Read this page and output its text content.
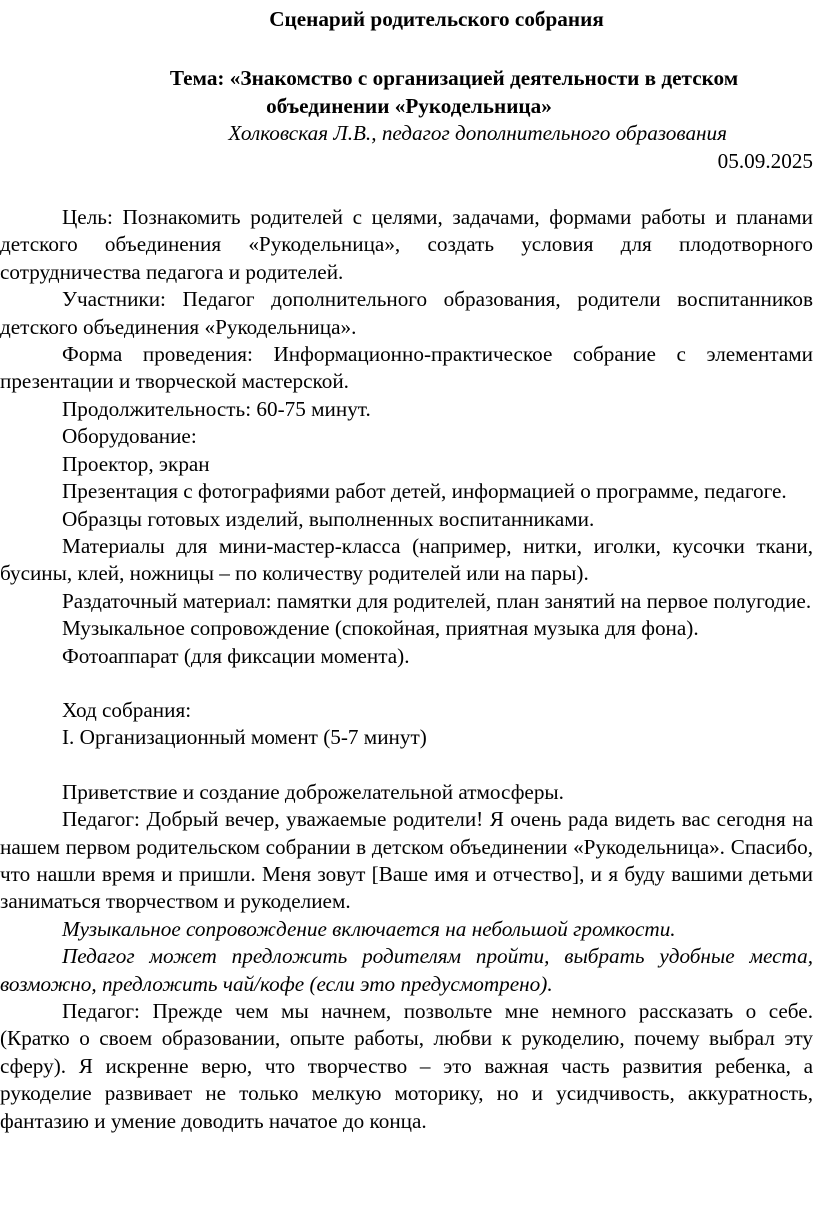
Сценарий родительского собрания
Тема: «Знакомство с организацией деятельности в детском
объединении «Рукодельница»
Холковская Л.В., педагог дополнительного образования
05.09.2025

Цель: Познакомить родителей с целями, задачами, формами работы и планами детского объединения «Рукодельница», создать условия для плодотворного сотрудничества педагога и родителей.

Участники: Педагог дополнительного образования, родители воспитанников детского объединения «Рукодельница».

Форма проведения: Информационно-практическое собрание с элементами презентации и творческой мастерской.

Продолжительность: 60-75 минут.

Оборудование:

Проектор, экран

Презентация с фотографиями работ детей, информацией о программе, педагоге.

Образцы готовых изделий, выполненных воспитанниками.

Материалы для мини-мастер-класса (например, нитки, иголки, кусочки ткани, бусины, клей, ножницы – по количеству родителей или на пары).

Раздаточный материал: памятки для родителей, план занятий на первое полугодие.

Музыкальное сопровождение (спокойная, приятная музыка для фона).

Фотоаппарат (для фиксации момента).

Ход собрания:

I. Организационный момент (5-7 минут)

Приветствие и создание доброжелательной атмосферы.

Педагог: Добрый вечер, уважаемые родители! Я очень рада видеть вас сегодня на нашем первом родительском собрании в детском объединении «Рукодельница». Спасибо, что нашли время и пришли. Меня зовут [Ваше имя и отчество], и я буду вашими детьми заниматься творчеством и рукоделием.

Музыкальное сопровождение включается на небольшой громкости.

Педагог может предложить родителям пройти, выбрать удобные места, возможно, предложить чай/кофе (если это предусмотрено).

Педагог: Прежде чем мы начнем, позвольте мне немного рассказать о себе. (Кратко о своем образовании, опыте работы, любви к рукоделию, почему выбрал эту сферу). Я искренне верю, что творчество – это важная часть развития ребенка, а рукоделие развивает не только мелкую моторику, но и усидчивость, аккуратность, фантазию и умение доводить начатое до конца.
